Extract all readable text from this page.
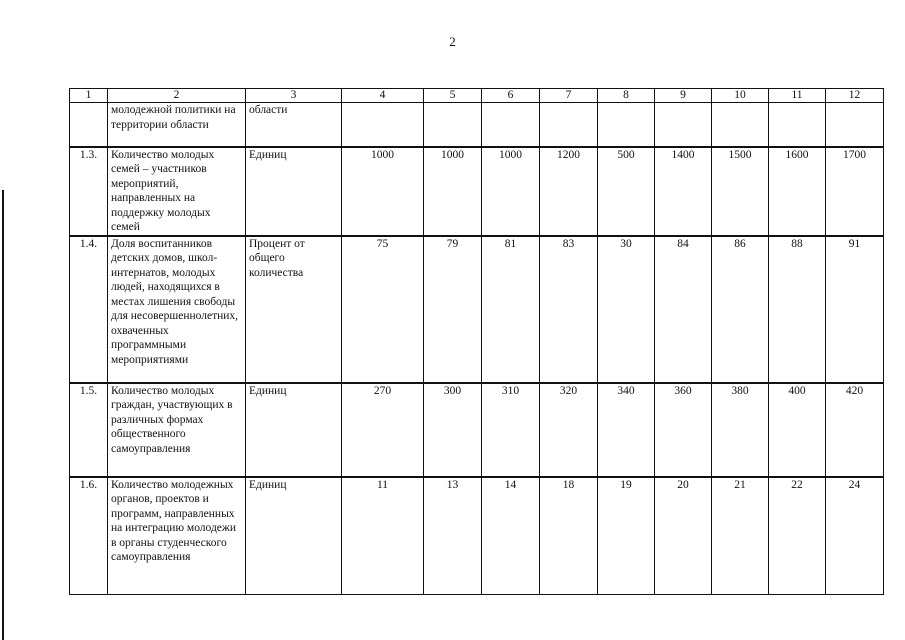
2
1	2	3	4	5	6	7	8	9	10	11	12
	молодежной политики на территории области	области									
1.3.	Количество молодых семей – участников мероприятий, направленных на поддержку молодых семей	Единиц	1000	1000	1000	1200	500	1400	1500	1600	1700
1.4.	Доля воспитанников детских домов, школ-интернатов, молодых людей, находящихся в местах лишения свободы для несовершеннолетних, охваченных программными мероприятиями	Процент от общего количества	75	79	81	83	30	84	86	88	91
1.5.	Количество молодых граждан, участвующих в различных формах общественного самоуправления	Единиц	270	300	310	320	340	360	380	400	420
1.6.	Количество молодежных органов, проектов и программ, направленных на интеграцию молодежи в органы студенческого самоуправления	Единиц	11	13	14	18	19	20	21	22	24
